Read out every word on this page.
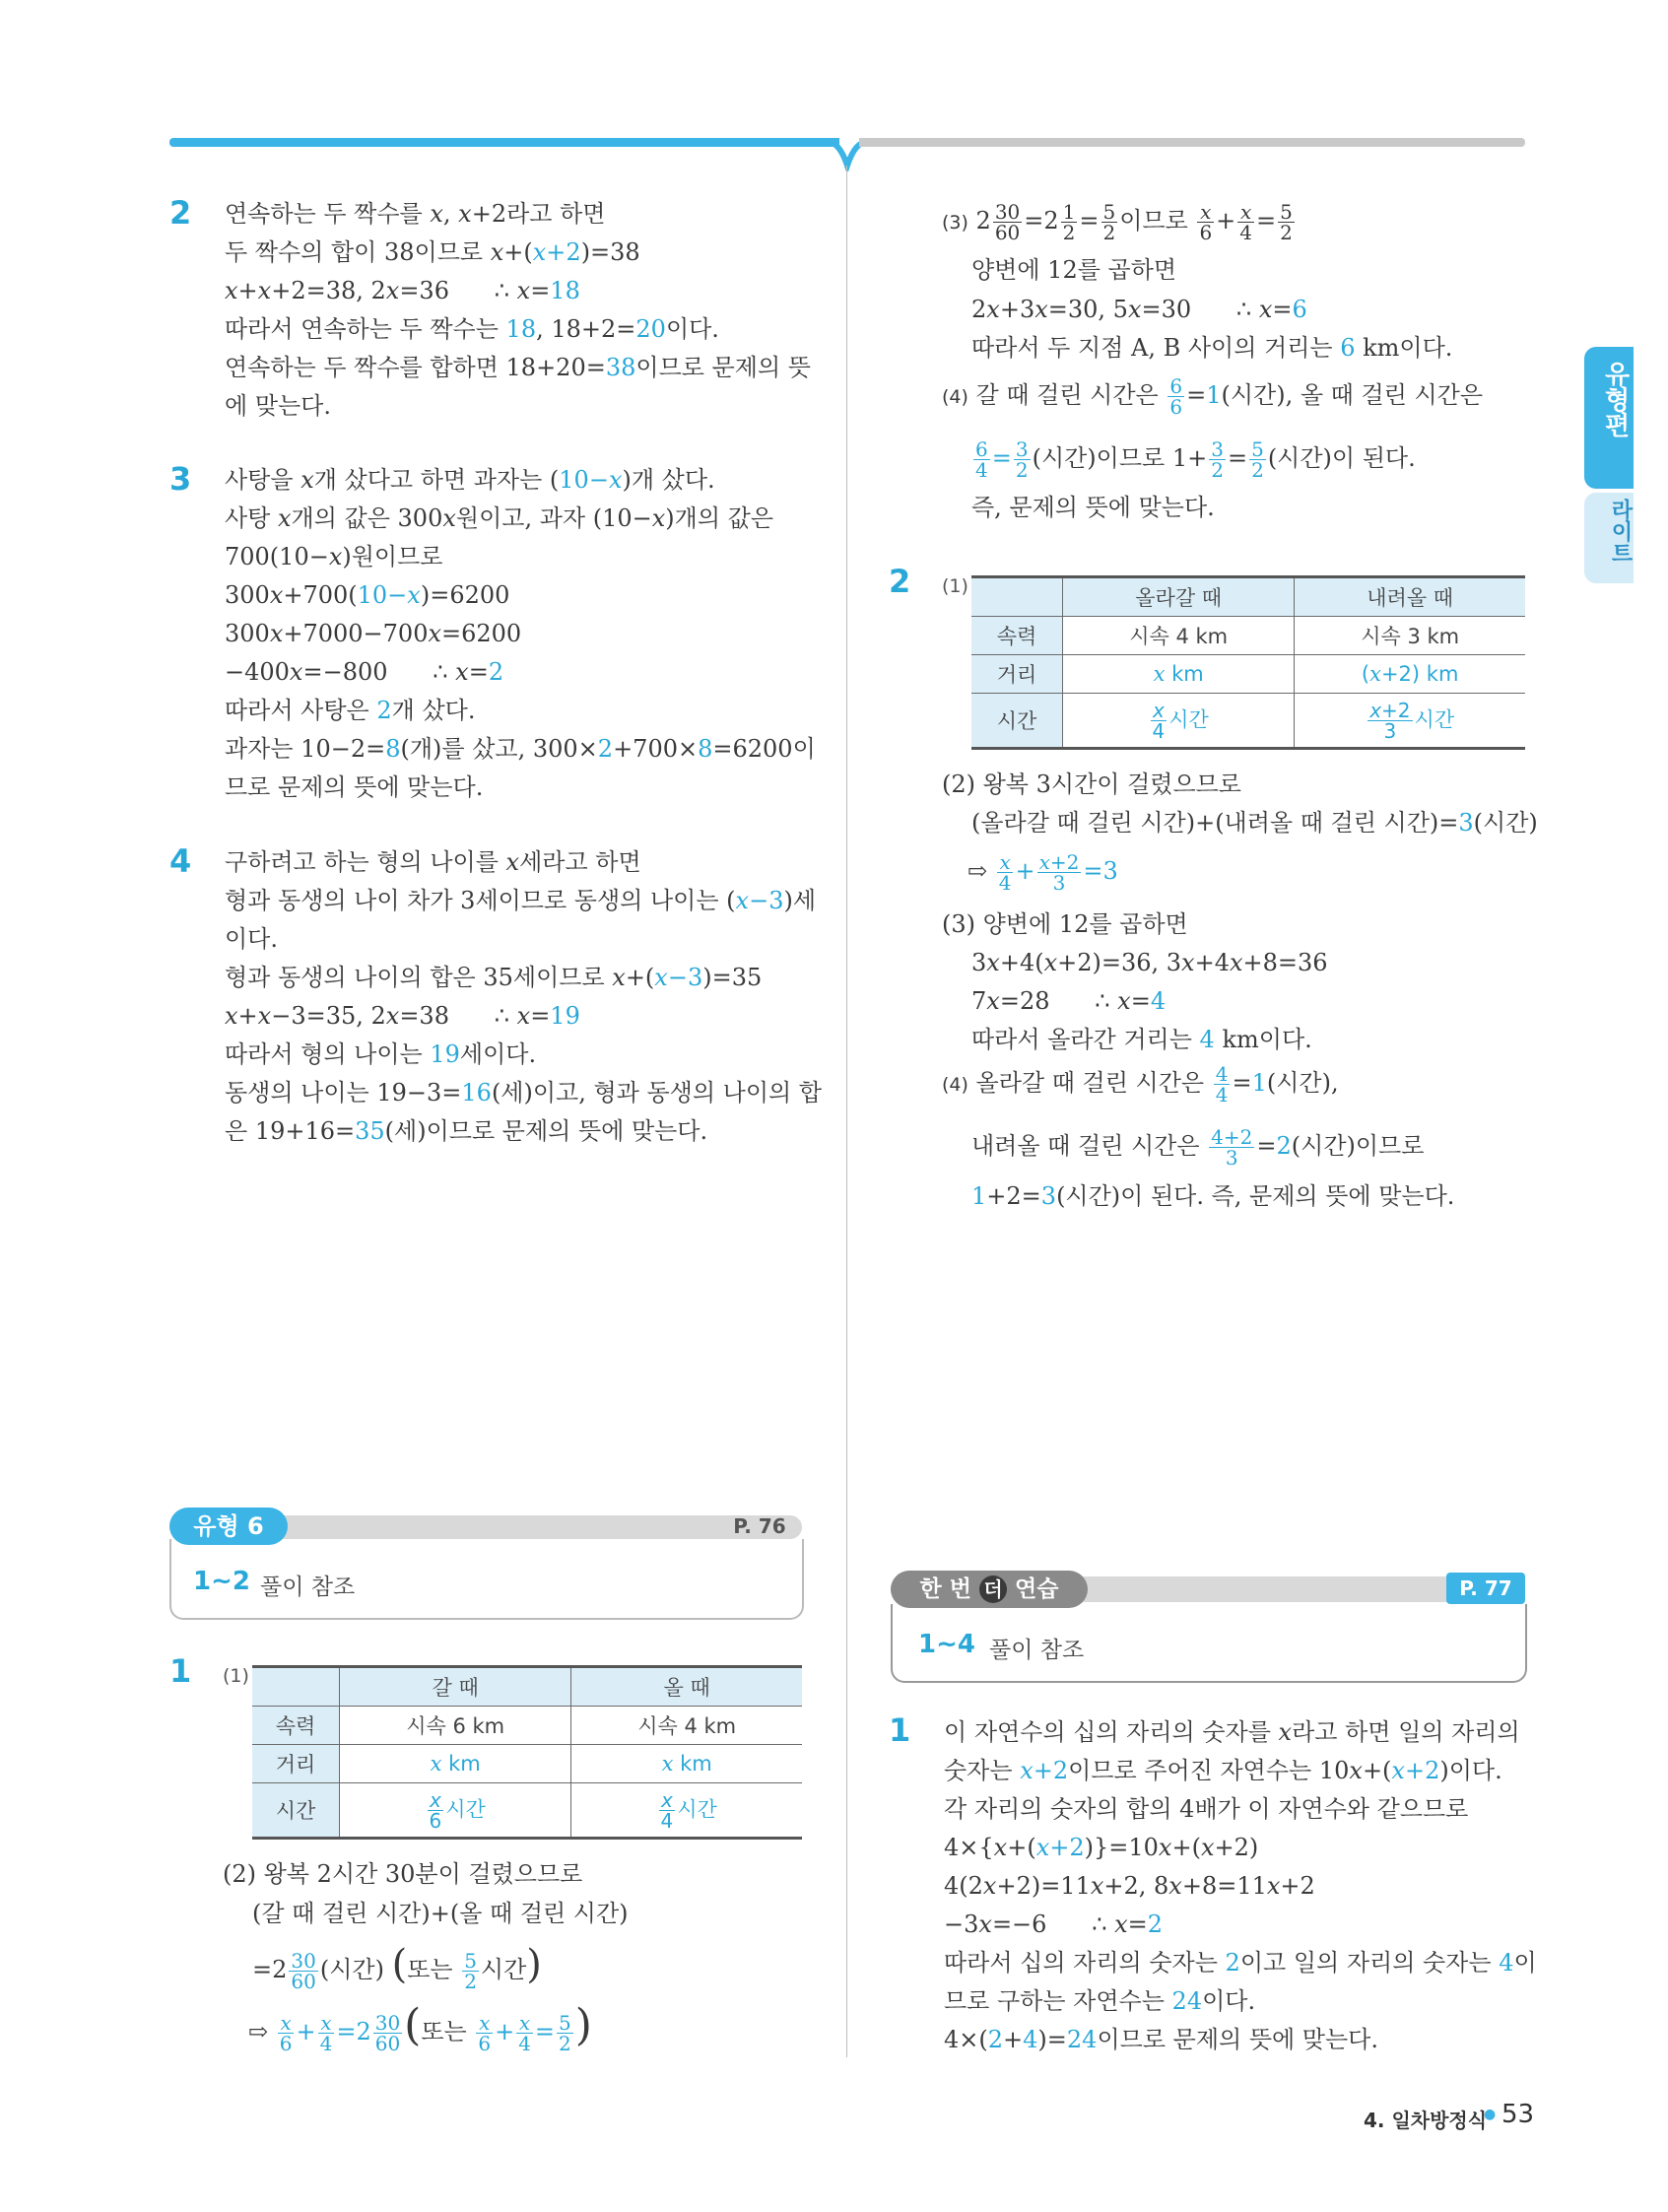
유형편
라이트
2 연속하는 두 짝수를 x, x+2라고 하면
두 짝수의 합이 38이므로 x+(x+2)=38
x+x+2=38, 2x=36      ∴ x=18
따라서 연속하는 두 짝수는 18, 18+2=20이다.
연속하는 두 짝수를 합하면 18+20=38이므로 문제의 뜻
에 맞는다.
3 사탕을 x개 샀다고 하면 과자는 (10−x)개 샀다.
사탕 x개의 값은 300x원이고, 과자 (10−x)개의 값은
700(10−x)원이므로
300x+700(10−x)=6200
300x+7000−700x=6200
−400x=−800      ∴ x=2
따라서 사탕은 2개 샀다.
과자는 10−2=8(개)를 샀고, 300×2+700×8=6200이
므로 문제의 뜻에 맞는다.
4 구하려고 하는 형의 나이를 x세라고 하면
형과 동생의 나이 차가 3세이므로 동생의 나이는 (x−3)세
이다.
형과 동생의 나이의 합은 35세이므로 x+(x−3)=35
x+x−3=35, 2x=38      ∴ x=19
따라서 형의 나이는 19세이다.
동생의 나이는 19−3=16(세)이고, 형과 동생의 나이의 합
은 19+16=35(세)이므로 문제의 뜻에 맞는다.
유형 6	P. 76
1~2 풀이 참조
1 (1)
		갈 때	올 때
속력	시속 6 km	시속 4 km
거리	x km	x km
시간	$\frac{x}{6}$ 시간	$\frac{x}{4}$ 시간
(2) 왕복 2시간 30분이 걸렸으므로
(갈 때 걸린 시간)+(올 때 걸린 시간)
$=2 \frac{30}{60}$ (시간) (또는 $\frac{5}{2}$ 시간)
⇨ $\frac{x}{6} + \frac{x}{4} =2 \frac{30}{60}$ (또는 $\frac{x}{6} + \frac{x}{4} = \frac{5}{2}$ )
(3) $2 \frac{30}{60} =2 \frac{1}{2} = \frac{5}{2}$ 이므로 $\frac{x}{6} + \frac{x}{4} = \frac{5}{2}$
양변에 12를 곱하면
2x+3x=30, 5x=30      ∴ x=6
따라서 두 지점 A, B 사이의 거리는 6 km이다.
(4) 갈 때 걸린 시간은 $\frac{6}{6} =1$(시간), 올 때 걸린 시간은
$\frac{6}{4} = \frac{3}{2}$ (시간)이므로 $1+ \frac{3}{2} = \frac{5}{2}$ (시간)이 된다.
즉, 문제의 뜻에 맞는다.
2 (1)
		올라갈 때	내려올 때
속력	시속 4 km	시속 3 km
거리	x km	(x+2) km
시간	$\frac{x}{4}$ 시간	$\frac{x+2}{3}$ 시간
(2) 왕복 3시간이 걸렸으므로
(올라갈 때 걸린 시간)+(내려올 때 걸린 시간)=3(시간)
⇨ $\frac{x}{4} + \frac{x+2}{3} =3$
(3) 양변에 12를 곱하면
3x+4(x+2)=36, 3x+4x+8=36
7x=28      ∴ x=4
따라서 올라간 거리는 4 km이다.
(4) 올라갈 때 걸린 시간은 $\frac{4}{4} =1$(시간),
내려올 때 걸린 시간은 $\frac{4+2}{3} =2$(시간)이므로
1+2=3(시간)이 된다. 즉, 문제의 뜻에 맞는다.
한 번 더 연습	P. 77
1~4 풀이 참조
1 이 자연수의 십의 자리의 숫자를 x라고 하면 일의 자리의
숫자는 x+2이므로 주어진 자연수는 10x+(x+2)이다.
각 자리의 숫자의 합의 4배가 이 자연수와 같으므로
4×{x+(x+2)}=10x+(x+2)
4(2x+2)=11x+2, 8x+8=11x+2
−3x=−6      ∴ x=2
따라서 십의 자리의 숫자는 2이고 일의 자리의 숫자는 4이
므로 구하는 자연수는 24이다.
4×(2+4)=24이므로 문제의 뜻에 맞는다.
4. 일차방정식
● 53
